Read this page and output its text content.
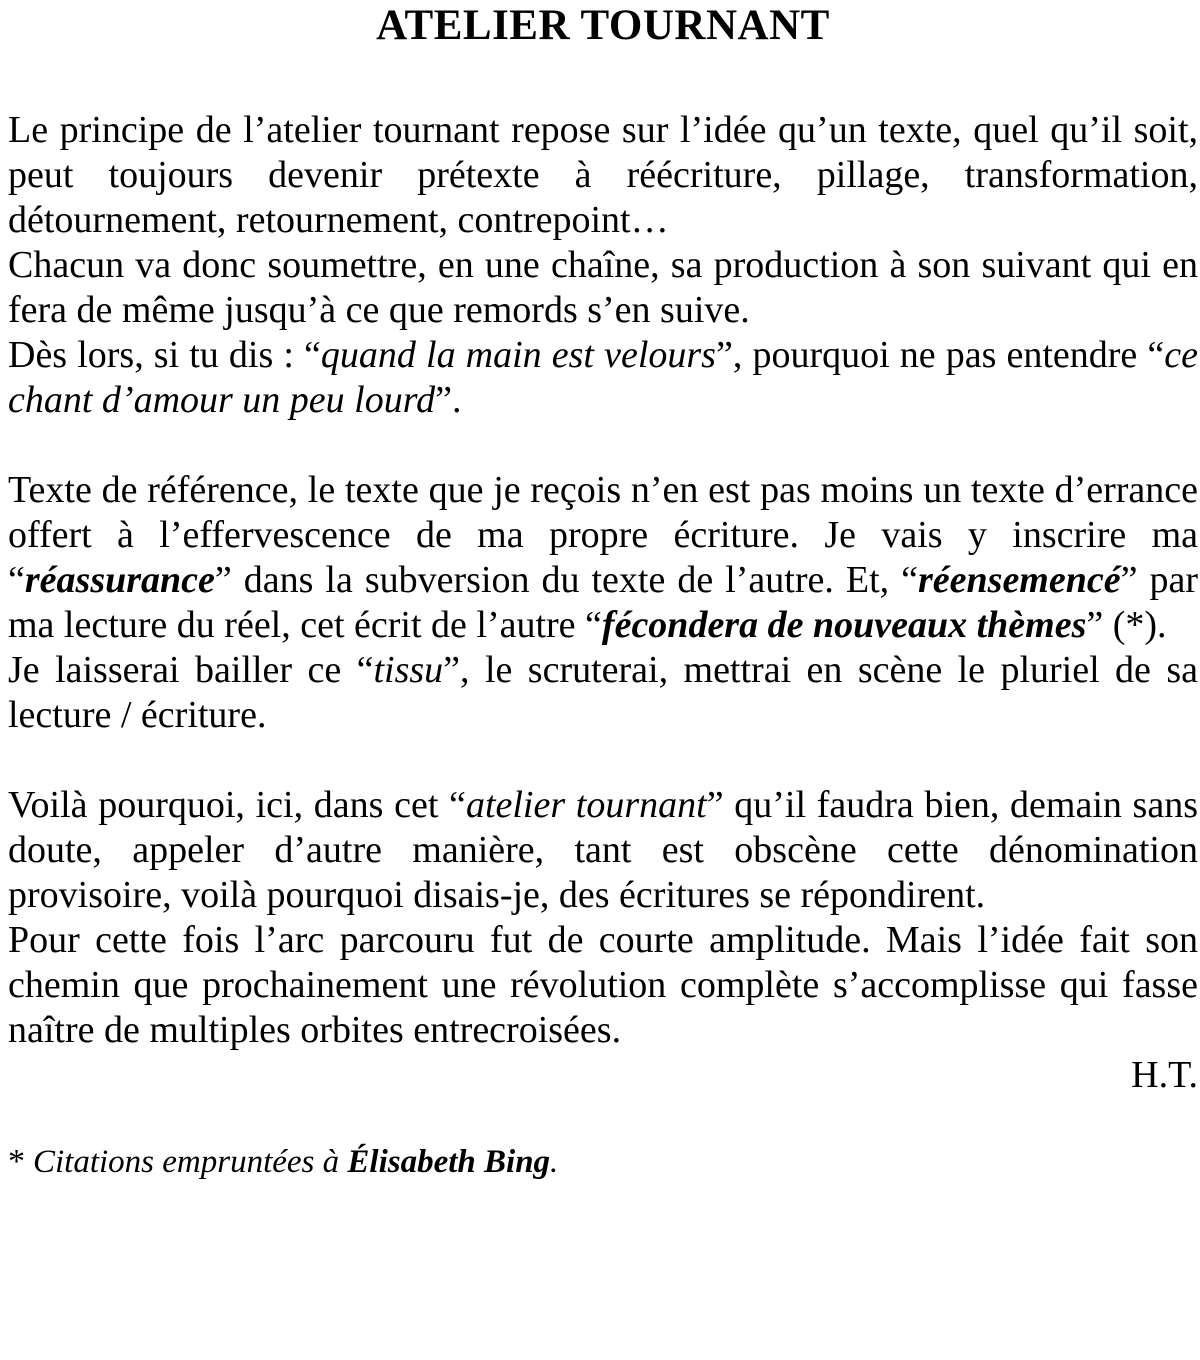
ATELIER TOURNANT

Le principe de l’atelier tournant repose sur l’idée qu’un texte, quel qu’il soit, peut toujours devenir prétexte à réécriture, pillage, transformation, détournement, retournement, contrepoint…
Chacun va donc soumettre, en une chaîne, sa production à son suivant qui en fera de même jusqu’à ce que remords s’en suive.
Dès lors, si tu dis : “quand la main est velours”, pourquoi ne pas entendre “ce chant d’amour un peu lourd”.

Texte de référence, le texte que je reçois n’en est pas moins un texte d’errance offert à l’effervescence de ma propre écriture. Je vais y inscrire ma “réassurance” dans la subversion du texte de l’autre. Et, “réensemencé” par ma lecture du réel, cet écrit de l’autre “fécondera de nouveaux thèmes” (*).
Je laisserai bailler ce “tissu”, le scruterai, mettrai en scène le pluriel de sa lecture / écriture.

Voilà pourquoi, ici, dans cet “atelier tournant” qu’il faudra bien, demain sans doute, appeler d’autre manière, tant est obscène cette dénomination provisoire, voilà pourquoi disais-je, des écritures se répondirent.
Pour cette fois l’arc parcouru fut de courte amplitude. Mais l’idée fait son chemin que prochainement une révolution complète s’accomplisse qui fasse naître de multiples orbites entrecroisées.

H.T.

* Citations empruntées à Élisabeth Bing.
